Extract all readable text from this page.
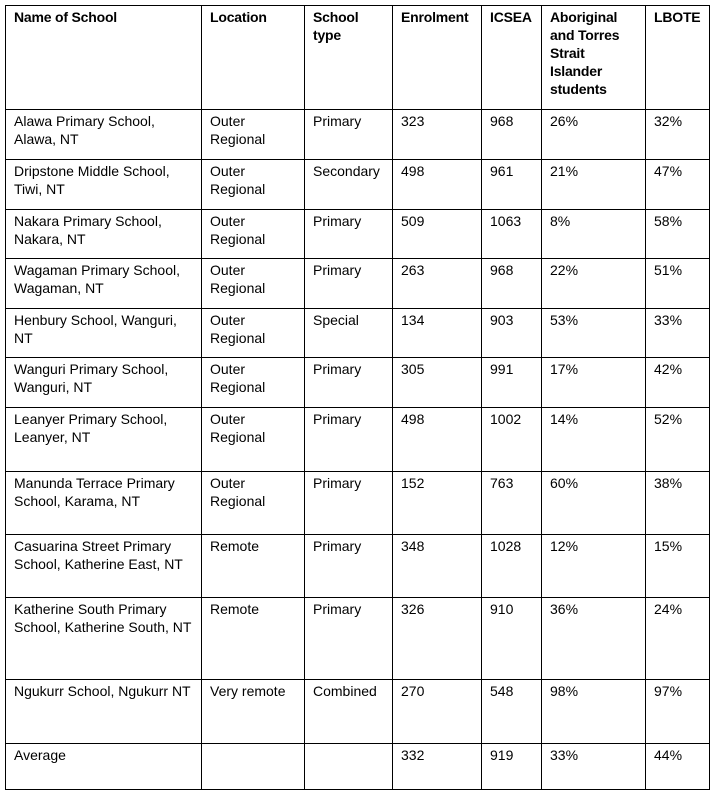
Name of School	Location	School type	Enrolment	ICSEA	Aboriginal and Torres Strait Islander students	LBOTE
Alawa Primary School, Alawa, NT	Outer Regional	Primary	323	968	26%	32%
Dripstone Middle School, Tiwi, NT	Outer Regional	Secondary	498	961	21%	47%
Nakara Primary School, Nakara, NT	Outer Regional	Primary	509	1063	8%	58%
Wagaman Primary School, Wagaman, NT	Outer Regional	Primary	263	968	22%	51%
Henbury School, Wanguri, NT	Outer Regional	Special	134	903	53%	33%
Wanguri Primary School, Wanguri, NT	Outer Regional	Primary	305	991	17%	42%
Leanyer Primary School, Leanyer, NT	Outer Regional	Primary	498	1002	14%	52%
Manunda Terrace Primary School, Karama, NT	Outer Regional	Primary	152	763	60%	38%
Casuarina Street Primary School, Katherine East, NT	Remote	Primary	348	1028	12%	15%
Katherine South Primary School, Katherine South, NT	Remote	Primary	326	910	36%	24%
Ngukurr School, Ngukurr NT	Very remote	Combined	270	548	98%	97%
Average			332	919	33%	44%
